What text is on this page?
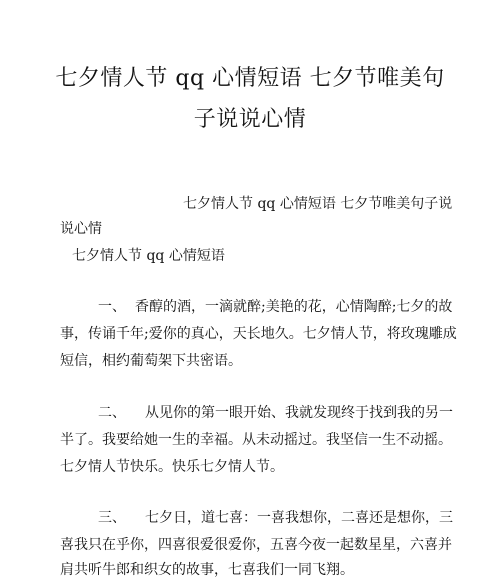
七夕情人节 qq 心情短语 七夕节唯美句
子说说心情
七夕情人节 qq 心情短语 七夕节唯美句子说
说心情
七夕情人节 qq 心情短语
一、 香醇的酒，一滴就醉;美艳的花，心情陶醉;七夕的故
事，传诵千年;爱你的真心，天长地久。七夕情人节，将玫瑰雕成
短信，相约葡萄架下共密语。
二、 从见你的第一眼开始、我就发现终于找到我的另一
半了。我要给她一生的幸福。从未动摇过。我坚信一生不动摇。
七夕情人节快乐。快乐七夕情人节。
三、 七夕日，道七喜：一喜我想你，二喜还是想你，三
喜我只在乎你，四喜很爱很爱你，五喜今夜一起数星星，六喜并
肩共听牛郎和织女的故事，七喜我们一同飞翔。
